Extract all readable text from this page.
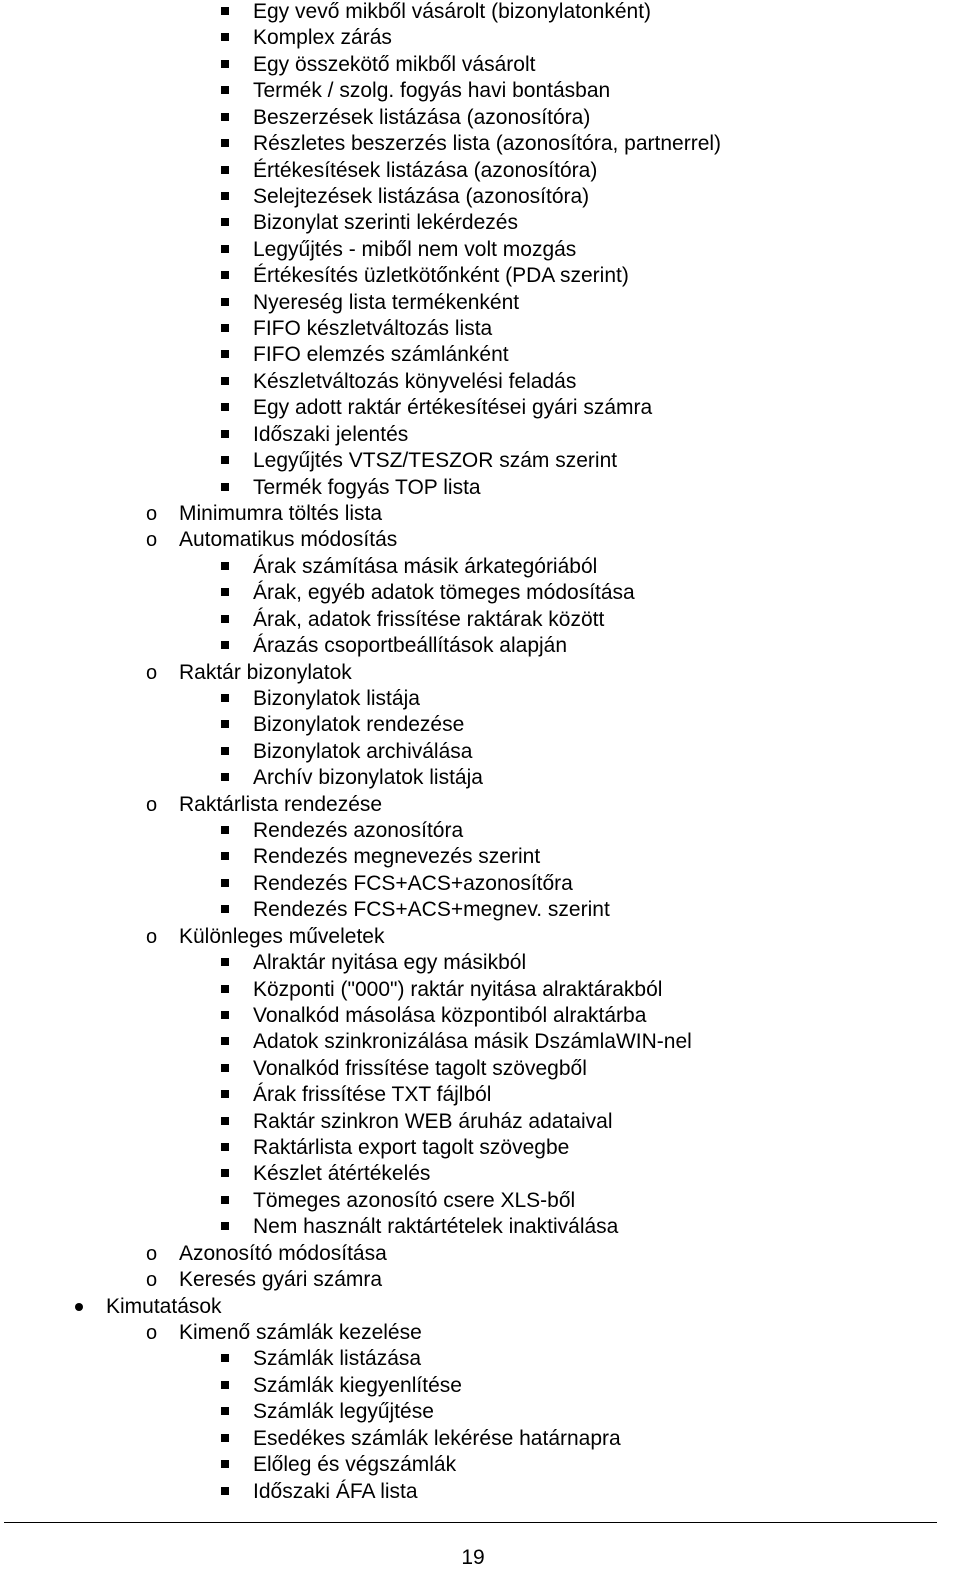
Egy vevő mikből vásárolt (bizonylatonként)
Komplex zárás
Egy összekötő mikből vásárolt
Termék / szolg. fogyás havi bontásban
Beszerzések listázása (azonosítóra)
Részletes beszerzés lista (azonosítóra, partnerrel)
Értékesítések listázása (azonosítóra)
Selejtezések listázása (azonosítóra)
Bizonylat szerinti lekérdezés
Legyűjtés - miből nem volt mozgás
Értékesítés üzletkötőnként (PDA szerint)
Nyereség lista termékenként
FIFO készletváltozás lista
FIFO elemzés számlánként
Készletváltozás könyvelési feladás
Egy adott raktár értékesítései gyári számra
Időszaki jelentés
Legyűjtés VTSZ/TESZOR szám szerint
Termék fogyás TOP lista
o Minimumra töltés lista
o Automatikus módosítás
Árak számítása másik árkategóriából
Árak, egyéb adatok tömeges módosítása
Árak, adatok frissítése raktárak között
Árazás csoportbeállítások alapján
o Raktár bizonylatok
Bizonylatok listája
Bizonylatok rendezése
Bizonylatok archiválása
Archív bizonylatok listája
o Raktárlista rendezése
Rendezés azonosítóra
Rendezés megnevezés szerint
Rendezés FCS+ACS+azonosítőra
Rendezés FCS+ACS+megnev. szerint
o Különleges műveletek
Alraktár nyitása egy másikból
Központi ("000") raktár nyitása alraktárakból
Vonalkód másolása központiból alraktárba
Adatok szinkronizálása másik DszámlaWIN-nel
Vonalkód frissítése tagolt szövegből
Árak frissítése TXT fájlból
Raktár szinkron WEB áruház adataival
Raktárlista export tagolt szövegbe
Készlet átértékelés
Tömeges azonosító csere XLS-ből
Nem használt raktártételek inaktiválása
o Azonosító módosítása
o Keresés gyári számra
Kimutatások
o Kimenő számlák kezelése
Számlák listázása
Számlák kiegyenlítése
Számlák legyűjtése
Esedékes számlák lekérése határnapra
Előleg és végszámlák
Időszaki ÁFA lista
19
